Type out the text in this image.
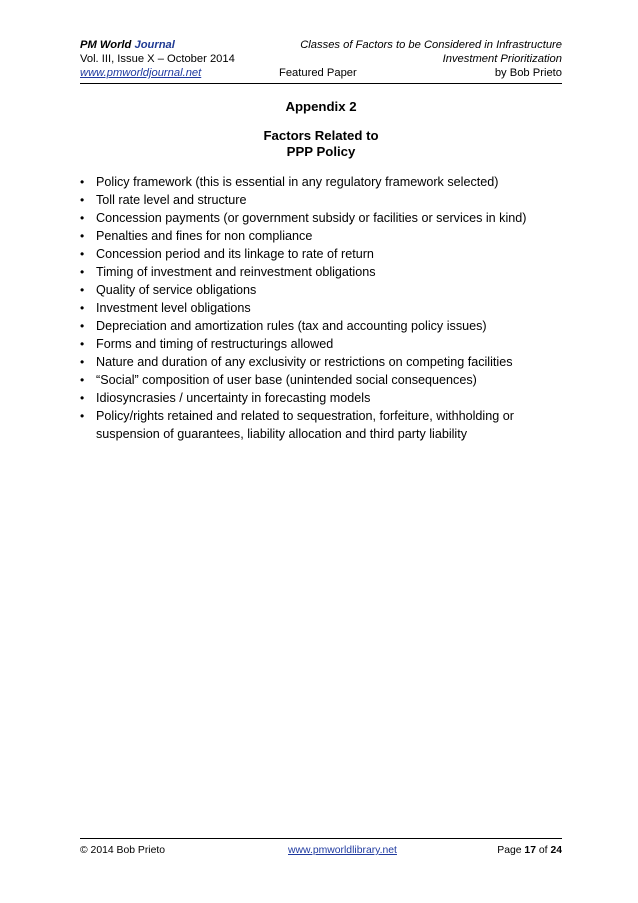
PM World Journal	Classes of Factors to be Considered in Infrastructure
Vol. III, Issue X – October 2014	Investment Prioritization
www.pmworldjournal.net	by Bob Prieto
Featured Paper
Appendix 2
Factors Related to
PPP Policy
• Policy framework (this is essential in any regulatory framework selected)
• Toll rate level and structure
• Concession payments (or government subsidy or facilities or services in kind)
• Penalties and fines for non compliance
• Concession period and its linkage to rate of return
• Timing of investment and reinvestment obligations
• Quality of service obligations
• Investment level obligations
• Depreciation and amortization rules (tax and accounting policy issues)
• Forms and timing of restructurings allowed
• Nature and duration of any exclusivity or restrictions on competing facilities
• “Social” composition of user base (unintended social consequences)
• Idiosyncrasies / uncertainty in forecasting models
• Policy/rights retained and related to sequestration, forfeiture, withholding or suspension of guarantees, liability allocation and third party liability
© 2014 Bob Prieto	www.pmworldlibrary.net	Page 17 of 24
